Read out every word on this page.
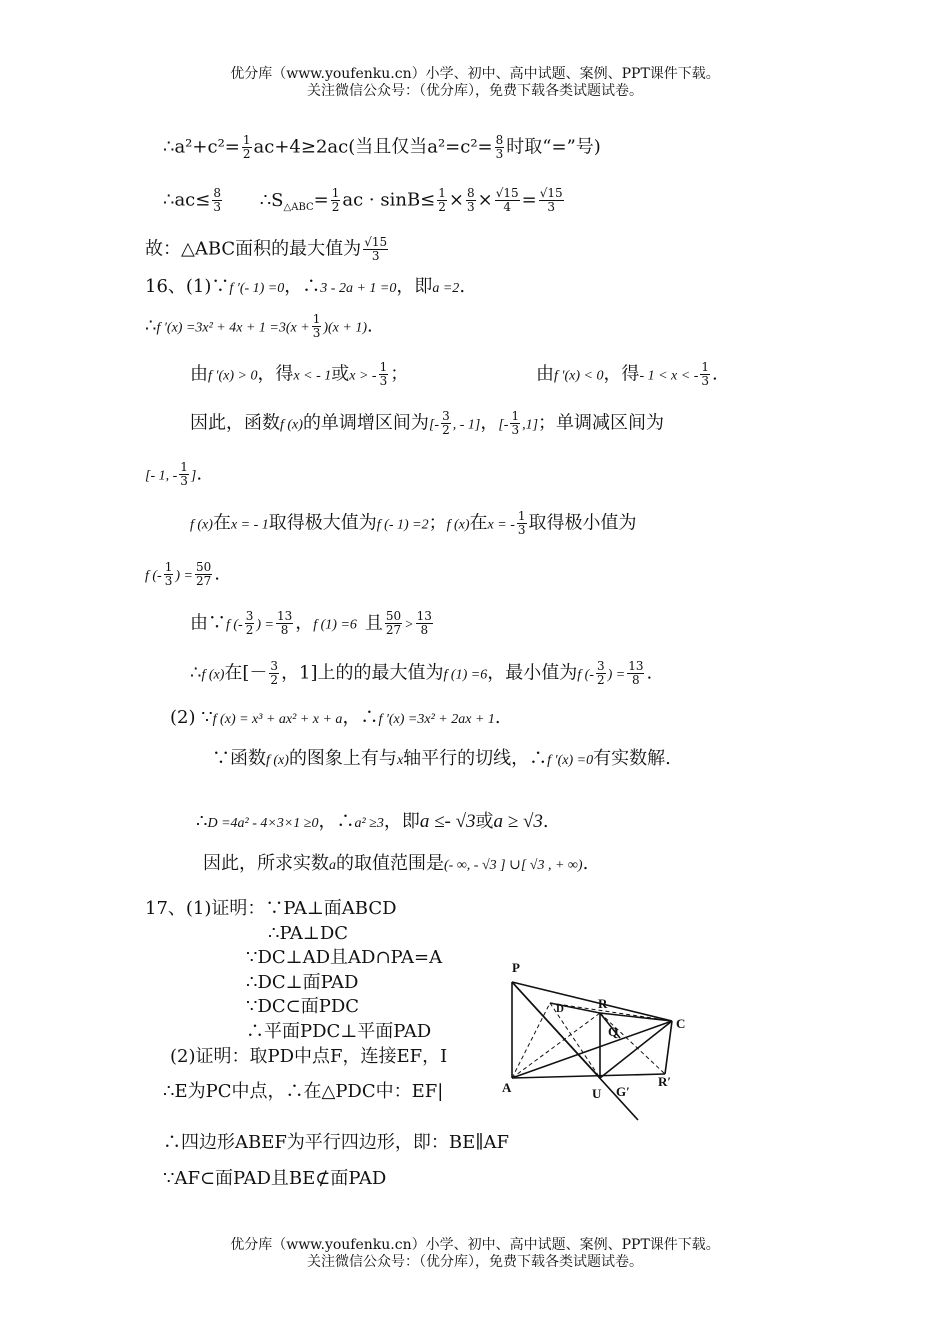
优分库（www.youfenku.cn）小学、初中、高中试题、案例、PPT课件下载。
关注微信公众号：（优分库），免费下载各类试题试卷。
∴a²+c²= $\frac{1}{2} ac+4\ge 2ac$(当且仅当$a^2=c^2= \frac{8}{3}$ 时取“=”号)
∴ac≤ $\frac{8}{3}$ $\therefore S_{\triangle ABC}= \frac{1}{2}$ ac · $\sin B\le \frac{1}{2} \times \frac{8}{3} \times \frac{√15}{4} = \frac{√15}{3}$
故：△ABC面积的最大值为 $\frac{√15}{3}$
16、(1)∵f ′(- 1) =0，∴3 - 2a + 1 =0，即a =2.
∴f $'(x) =3x^2 + 4x + 1 =3(x + \frac{1}{3} )(x + 1)$.
由f ′(x) > 0，得x < - 1或x > - $\frac{1}{3}$ ；	由f ′(x) < 0，得- 1 < x < - $\frac{1}{3}$ .
因此，函数f (x)的单调增区间为[- $\frac{3}{2}$ , - 1]，[- $\frac{1}{3} ,1$]；单调减区间为
[- 1, - $\frac{1}{3}$ ].
f (x)在x = - 1取得极大值为f (- 1) =2；f (x)在x = - $\frac{1}{3}$ 取得极小值为
f (- $\frac{1}{3}$ ) = $\frac{50}{27}$ .
由∵f (- $\frac{3}{2}$ ) = $\frac{13}{8}$ ，f (1) =6 且 $\frac{50}{27} > \frac{13}{8}$
∴f (x)在[－ $\frac{3}{2}$ ，1]上的的最大值为f (1) =6，最小值为f (- $\frac{3}{2}$ ) = $\frac{13}{8}$ .
(2) ∵f (x) = x³ + ax² + x + a，∴f ′(x) =3x² + 2ax + 1.
∵函数f (x)的图象上有与x轴平行的切线，∴f ′(x) =0有实数解.
∴D =4a² - 4×3×1 ≥0，∴a² ≥3，即a ≤- √3或a ≥ √3.
因此，所求实数a的取值范围是(- ∞, - √3 ] ∪[ √3 , + ∞).
17、(1)证明：∵PA⊥面ABCD
∴PA⊥DC
∵DC⊥AD且AD∩PA=A
∴DC⊥面PAD
∵DC⊂面PDC
∴平面PDC⊥平面PAD
(2)证明：取PD中点F，连接EF，I
∴E为PC中点，∴在△PDC中：EF|
∴四边形ABEF为平行四边形，即：BE∥AF
∵AF⊂面PAD且BE⊄面PAD
P
R
D
Q
C
A	U G′
R′
优分库（www.youfenku.cn）小学、初中、高中试题、案例、PPT课件下载。
关注微信公众号：（优分库），免费下载各类试题试卷。
